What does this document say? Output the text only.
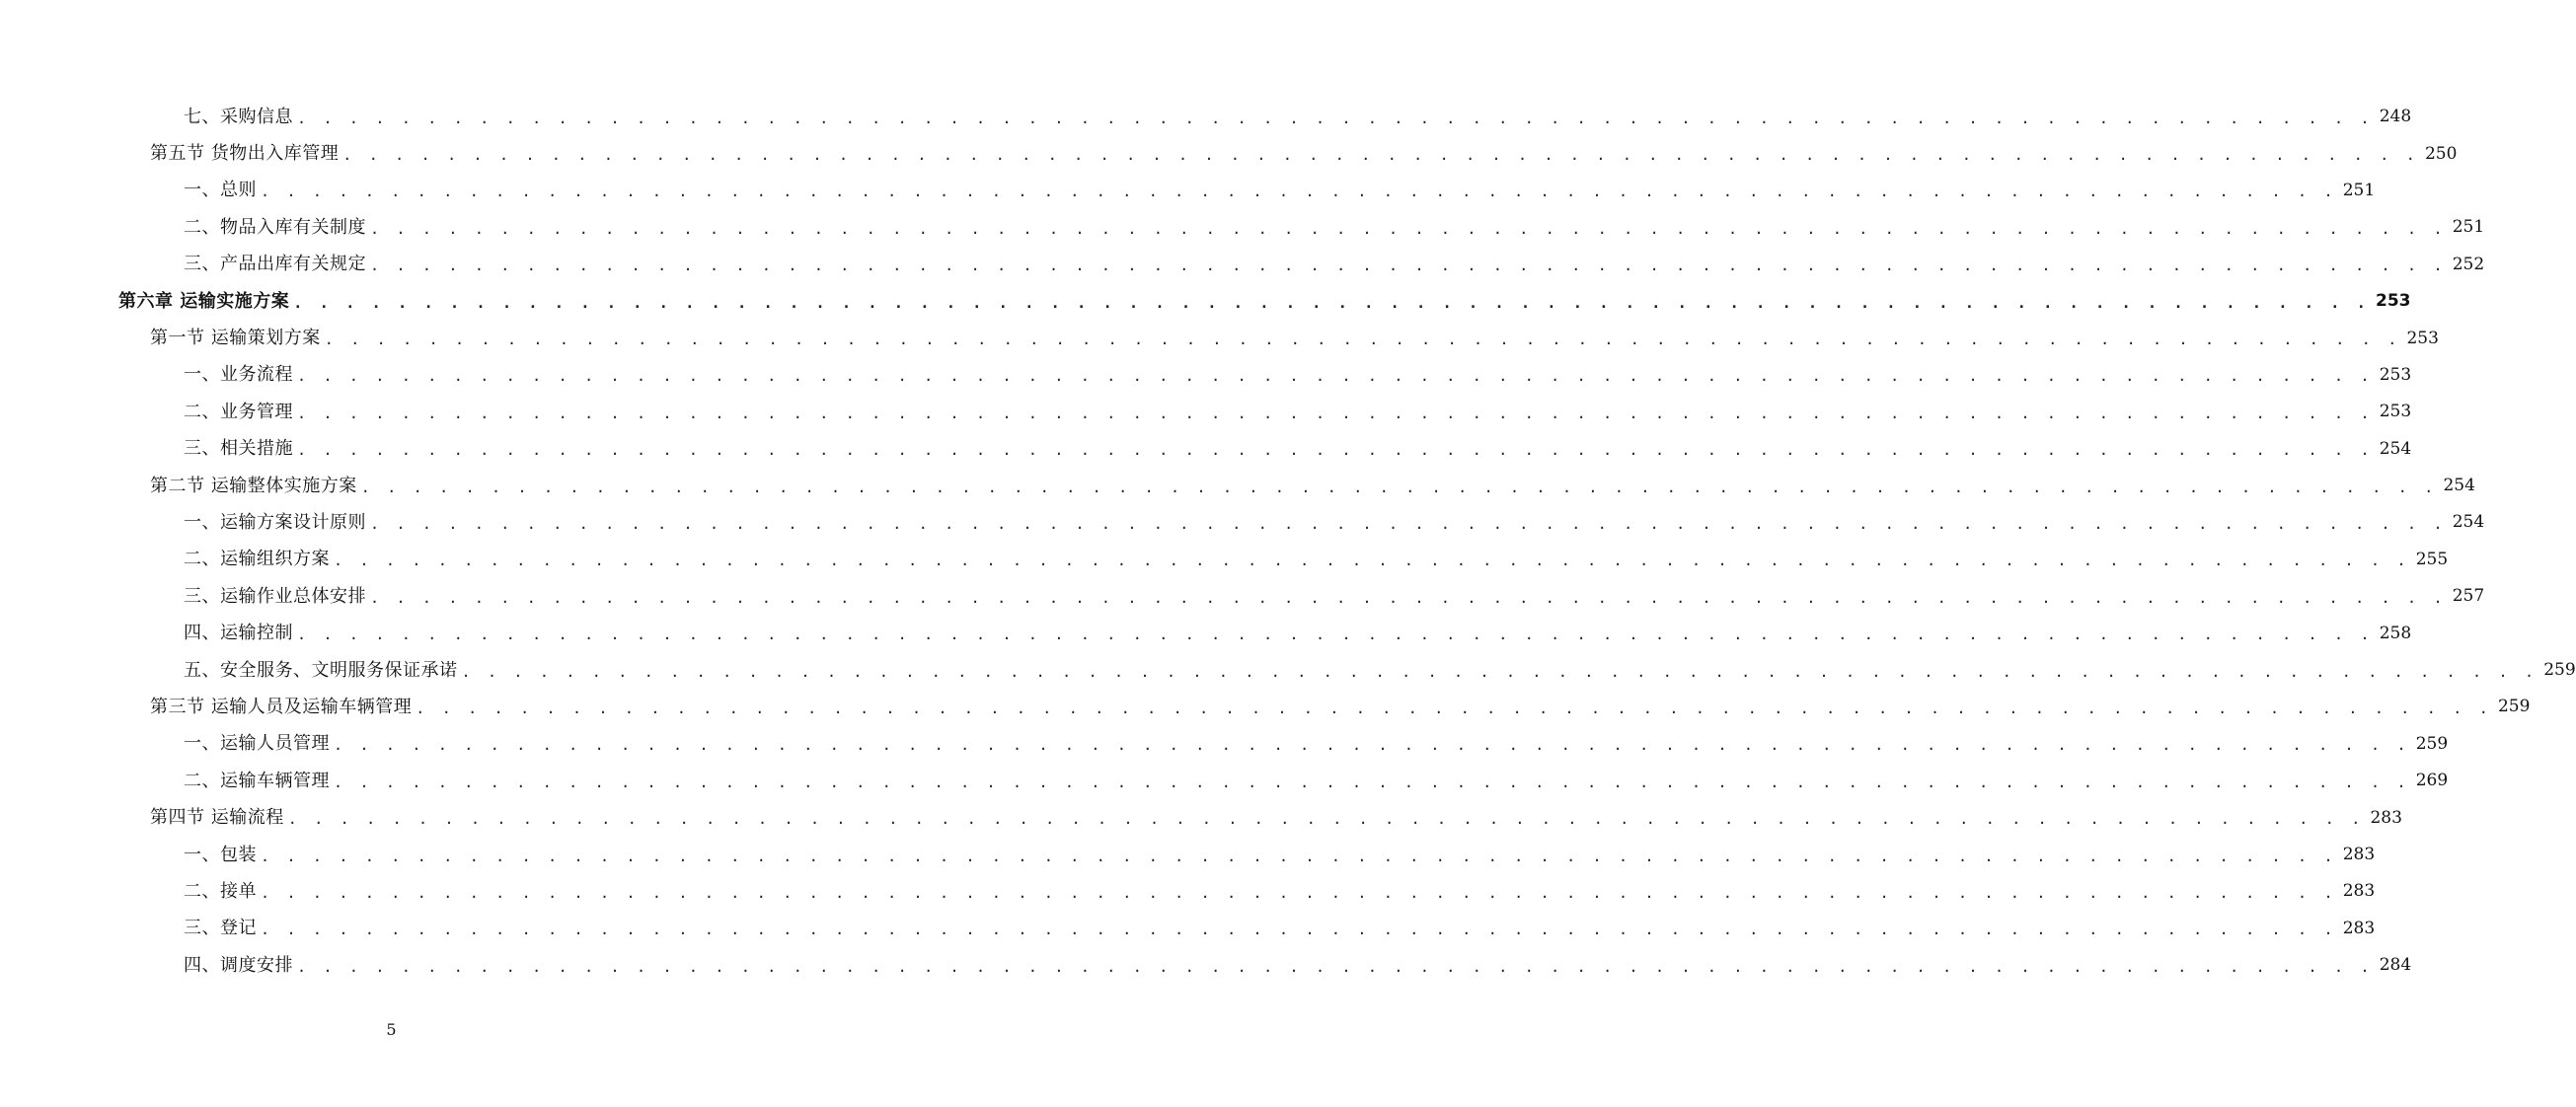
七、采购信息 . . . . . . . . . . . . . . . . . . . . . . . . . . . . . . . . . . . . . . . . . . . . . . . . . . . . . . . . . . . . . . . . . . . . . . . . . . . . . . . . 248
第五节 货物出入库管理 . . . . . . . . . . . . . . . . . . . . . . . . . . . . . . . . . . . . . . . . . . . . . . . . . . . . . . . . . . . . . . . . . . . . . . . . . . . . . . . . 250
一、总则 . . . . . . . . . . . . . . . . . . . . . . . . . . . . . . . . . . . . . . . . . . . . . . . . . . . . . . . . . . . . . . . . . . . . . . . . . . . . . . . . 251
二、物品入库有关制度 . . . . . . . . . . . . . . . . . . . . . . . . . . . . . . . . . . . . . . . . . . . . . . . . . . . . . . . . . . . . . . . . . . . . . . . . . . . . . . . . 251
三、产品出库有关规定 . . . . . . . . . . . . . . . . . . . . . . . . . . . . . . . . . . . . . . . . . . . . . . . . . . . . . . . . . . . . . . . . . . . . . . . . . . . . . . . . 252
第六章 运输实施方案 . . . . . . . . . . . . . . . . . . . . . . . . . . . . . . . . . . . . . . . . . . . . . . . . . . . . . . . . . . . . . . . . . . . . . . . . . . . . . . . . 253
第一节 运输策划方案 . . . . . . . . . . . . . . . . . . . . . . . . . . . . . . . . . . . . . . . . . . . . . . . . . . . . . . . . . . . . . . . . . . . . . . . . . . . . . . . . 253
一、业务流程 . . . . . . . . . . . . . . . . . . . . . . . . . . . . . . . . . . . . . . . . . . . . . . . . . . . . . . . . . . . . . . . . . . . . . . . . . . . . . . . . 253
二、业务管理 . . . . . . . . . . . . . . . . . . . . . . . . . . . . . . . . . . . . . . . . . . . . . . . . . . . . . . . . . . . . . . . . . . . . . . . . . . . . . . . . 253
三、相关措施 . . . . . . . . . . . . . . . . . . . . . . . . . . . . . . . . . . . . . . . . . . . . . . . . . . . . . . . . . . . . . . . . . . . . . . . . . . . . . . . . 254
第二节 运输整体实施方案 . . . . . . . . . . . . . . . . . . . . . . . . . . . . . . . . . . . . . . . . . . . . . . . . . . . . . . . . . . . . . . . . . . . . . . . . . . . . . . . . 254
一、运输方案设计原则 . . . . . . . . . . . . . . . . . . . . . . . . . . . . . . . . . . . . . . . . . . . . . . . . . . . . . . . . . . . . . . . . . . . . . . . . . . . . . . . . 254
二、运输组织方案 . . . . . . . . . . . . . . . . . . . . . . . . . . . . . . . . . . . . . . . . . . . . . . . . . . . . . . . . . . . . . . . . . . . . . . . . . . . . . . . . 255
三、运输作业总体安排 . . . . . . . . . . . . . . . . . . . . . . . . . . . . . . . . . . . . . . . . . . . . . . . . . . . . . . . . . . . . . . . . . . . . . . . . . . . . . . . . 257
四、运输控制 . . . . . . . . . . . . . . . . . . . . . . . . . . . . . . . . . . . . . . . . . . . . . . . . . . . . . . . . . . . . . . . . . . . . . . . . . . . . . . . . 258
五、安全服务、文明服务保证承诺 . . . . . . . . . . . . . . . . . . . . . . . . . . . . . . . . . . . . . . . . . . . . . . . . . . . . . . . . . . . . . . . . . . . . . . . . . . . . . . . . 259
第三节 运输人员及运输车辆管理 . . . . . . . . . . . . . . . . . . . . . . . . . . . . . . . . . . . . . . . . . . . . . . . . . . . . . . . . . . . . . . . . . . . . . . . . . . . . . . . . 259
一、运输人员管理 . . . . . . . . . . . . . . . . . . . . . . . . . . . . . . . . . . . . . . . . . . . . . . . . . . . . . . . . . . . . . . . . . . . . . . . . . . . . . . . . 259
二、运输车辆管理 . . . . . . . . . . . . . . . . . . . . . . . . . . . . . . . . . . . . . . . . . . . . . . . . . . . . . . . . . . . . . . . . . . . . . . . . . . . . . . . . 269
第四节 运输流程 . . . . . . . . . . . . . . . . . . . . . . . . . . . . . . . . . . . . . . . . . . . . . . . . . . . . . . . . . . . . . . . . . . . . . . . . . . . . . . . . 283
一、包装 . . . . . . . . . . . . . . . . . . . . . . . . . . . . . . . . . . . . . . . . . . . . . . . . . . . . . . . . . . . . . . . . . . . . . . . . . . . . . . . . 283
二、接单 . . . . . . . . . . . . . . . . . . . . . . . . . . . . . . . . . . . . . . . . . . . . . . . . . . . . . . . . . . . . . . . . . . . . . . . . . . . . . . . . 283
三、登记 . . . . . . . . . . . . . . . . . . . . . . . . . . . . . . . . . . . . . . . . . . . . . . . . . . . . . . . . . . . . . . . . . . . . . . . . . . . . . . . . 283
四、调度安排 . . . . . . . . . . . . . . . . . . . . . . . . . . . . . . . . . . . . . . . . . . . . . . . . . . . . . . . . . . . . . . . . . . . . . . . . . . . . . . . . 284
5
